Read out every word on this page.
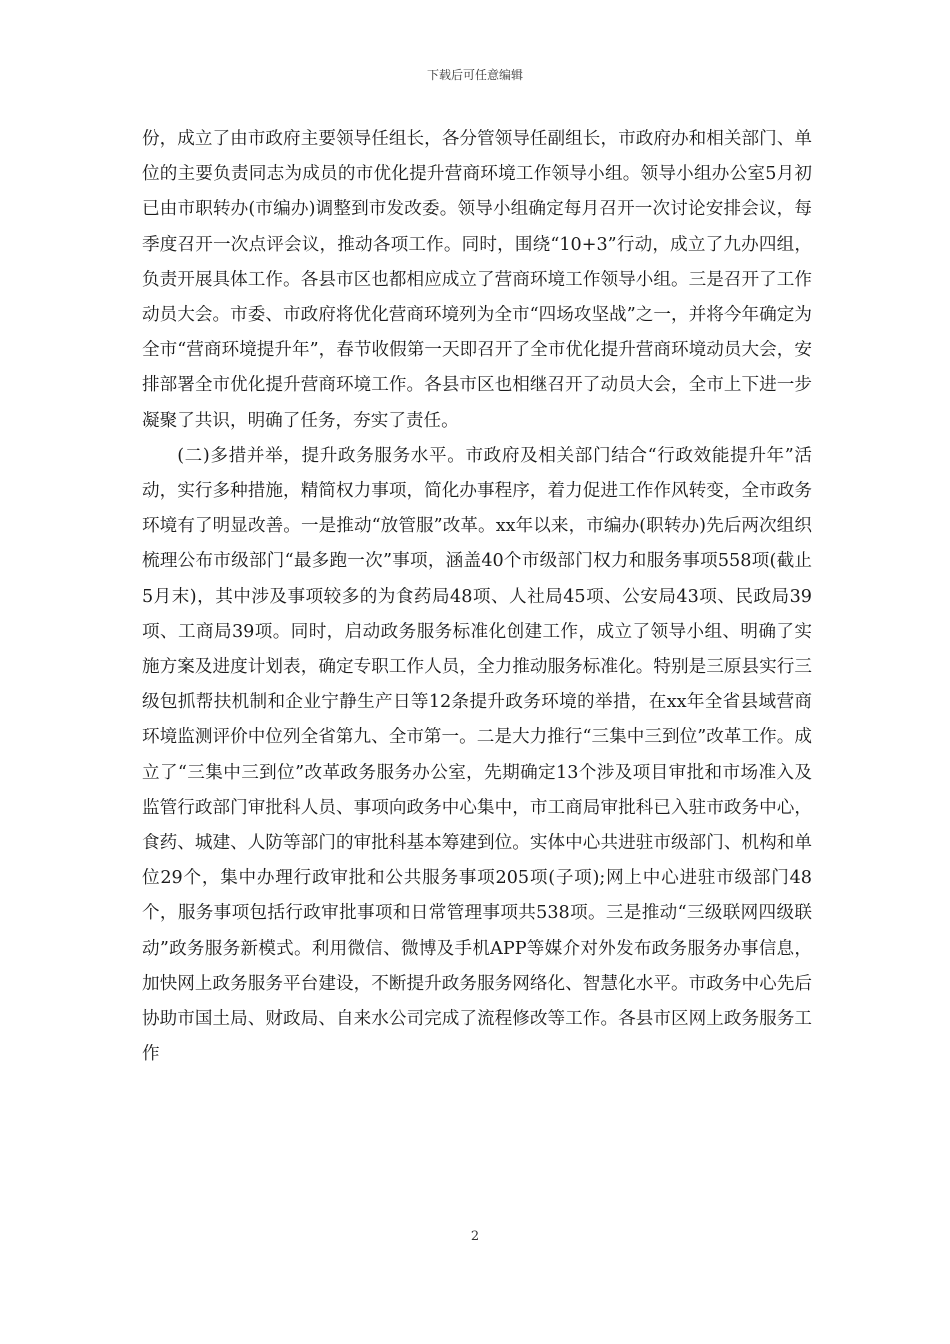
下载后可任意编辑

份，成立了由市政府主要领导任组长，各分管领导任副组长，市政府办和相关部门、单位的主要负责同志为成员的市优化提升营商环境工作领导小组。领导小组办公室5月初已由市职转办(市编办)调整到市发改委。领导小组确定每月召开一次讨论安排会议，每季度召开一次点评会议，推动各项工作。同时，围绕“10+3”行动，成立了九办四组，负责开展具体工作。各县市区也都相应成立了营商环境工作领导小组。三是召开了工作动员大会。市委、市政府将优化营商环境列为全市“四场攻坚战”之一，并将今年确定为全市“营商环境提升年”，春节收假第一天即召开了全市优化提升营商环境动员大会，安排部署全市优化提升营商环境工作。各县市区也相继召开了动员大会，全市上下进一步凝聚了共识，明确了任务，夯实了责任。

(二)多措并举，提升政务服务水平。市政府及相关部门结合“行政效能提升年”活动，实行多种措施，精简权力事项，简化办事程序，着力促进工作作风转变，全市政务环境有了明显改善。一是推动“放管服”改革。xx年以来，市编办(职转办)先后两次组织梳理公布市级部门“最多跑一次”事项，涵盖40个市级部门权力和服务事项558项(截止5月末)，其中涉及事项较多的为食药局48项、人社局45项、公安局43项、民政局39项、工商局39项。同时，启动政务服务标准化创建工作，成立了领导小组、明确了实施方案及进度计划表，确定专职工作人员，全力推动服务标准化。特别是三原县实行三级包抓帮扶机制和企业宁静生产日等12条提升政务环境的举措，在xx年全省县域营商环境监测评价中位列全省第九、全市第一。二是大力推行“三集中三到位”改革工作。成立了“三集中三到位”改革政务服务办公室，先期确定13个涉及项目审批和市场准入及监管行政部门审批科人员、事项向政务中心集中，市工商局审批科已入驻市政务中心，食药、城建、人防等部门的审批科基本筹建到位。实体中心共进驻市级部门、机构和单位29个，集中办理行政审批和公共服务事项205项(子项);网上中心进驻市级部门48个，服务事项包括行政审批事项和日常管理事项共538项。三是推动“三级联网四级联动”政务服务新模式。利用微信、微博及手机APP等媒介对外发布政务服务办事信息，加快网上政务服务平台建设，不断提升政务服务网络化、智慧化水平。市政务中心先后协助市国土局、财政局、自来水公司完成了流程修改等工作。各县市区网上政务服务工作

2
